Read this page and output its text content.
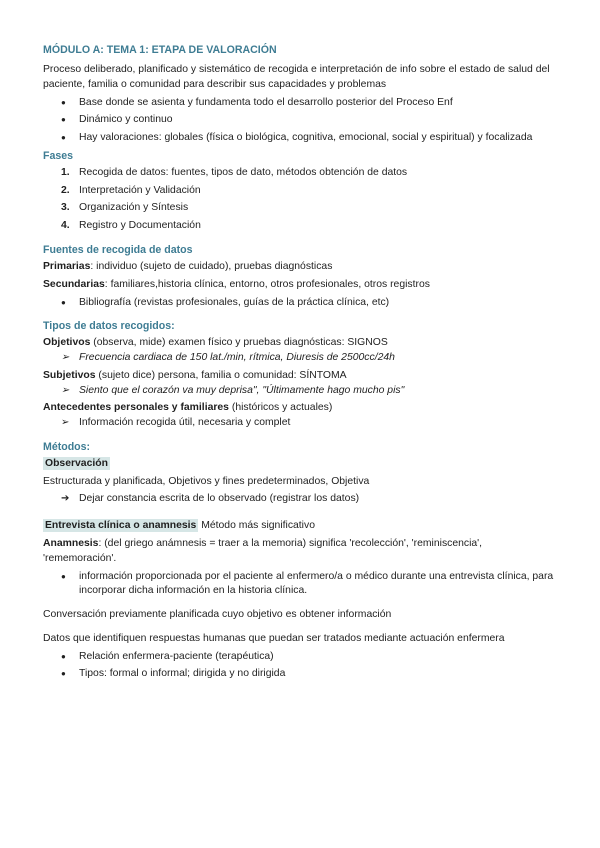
MÓDULO A: TEMA 1: ETAPA DE VALORACIÓN

Proceso deliberado, planificado y sistemático de recogida e interpretación de info sobre el estado de salud del paciente, familia o comunidad para describir sus capacidades y problemas

● Base donde se asienta y fundamenta todo el desarrollo posterior del Proceso Enf
● Dinámico y continuo
● Hay valoraciones: globales (física o biológica, cognitiva, emocional, social y espiritual) y focalizada
Fases
1. Recogida de datos: fuentes, tipos de dato, métodos obtención de datos
2. Interpretación y Validación
3. Organización y Síntesis
4. Registro y Documentación
Fuentes de recogida de datos

Primarias: individuo (sujeto de cuidado), pruebas diagnósticas

Secundarias: familiares,historia clínica, entorno, otros profesionales, otros registros

● Bibliografía (revistas profesionales, guías de la práctica clínica, etc)
Tipos de datos recogidos:

Objetivos (observa, mide) examen físico y pruebas diagnósticas: SIGNOS

➢ Frecuencia cardiaca de 150 lat./min, rítmica, Diuresis de 2500cc/24h

Subjetivos (sujeto dice) persona, familia o comunidad: SÍNTOMA

➢ Siento que el corazón va muy deprisa", "Últimamente hago mucho pis"

Antecedentes personales y familiares (históricos y actuales)

➢ Información recogida útil, necesaria y complet
Métodos:

Observación

Estructurada y planificada, Objetivos y fines predeterminados, Objetiva

➔ Dejar constancia escrita de lo observado (registrar los datos)

Entrevista clínica o anamnesis Método más significativo

Anamnesis: (del griego anámnesis = traer a la memoria) significa 'recolección', 'reminiscencia', 'rememoración'.

● información proporcionada por el paciente al enfermero/a o médico durante una entrevista clínica, para incorporar dicha información en la historia clínica.

Conversación previamente planificada cuyo objetivo es obtener información

Datos que identifiquen respuestas humanas que puedan ser tratados mediante actuación enfermera

● Relación enfermera-paciente (terapéutica)
● Tipos: formal o informal; dirigida y no dirigida
